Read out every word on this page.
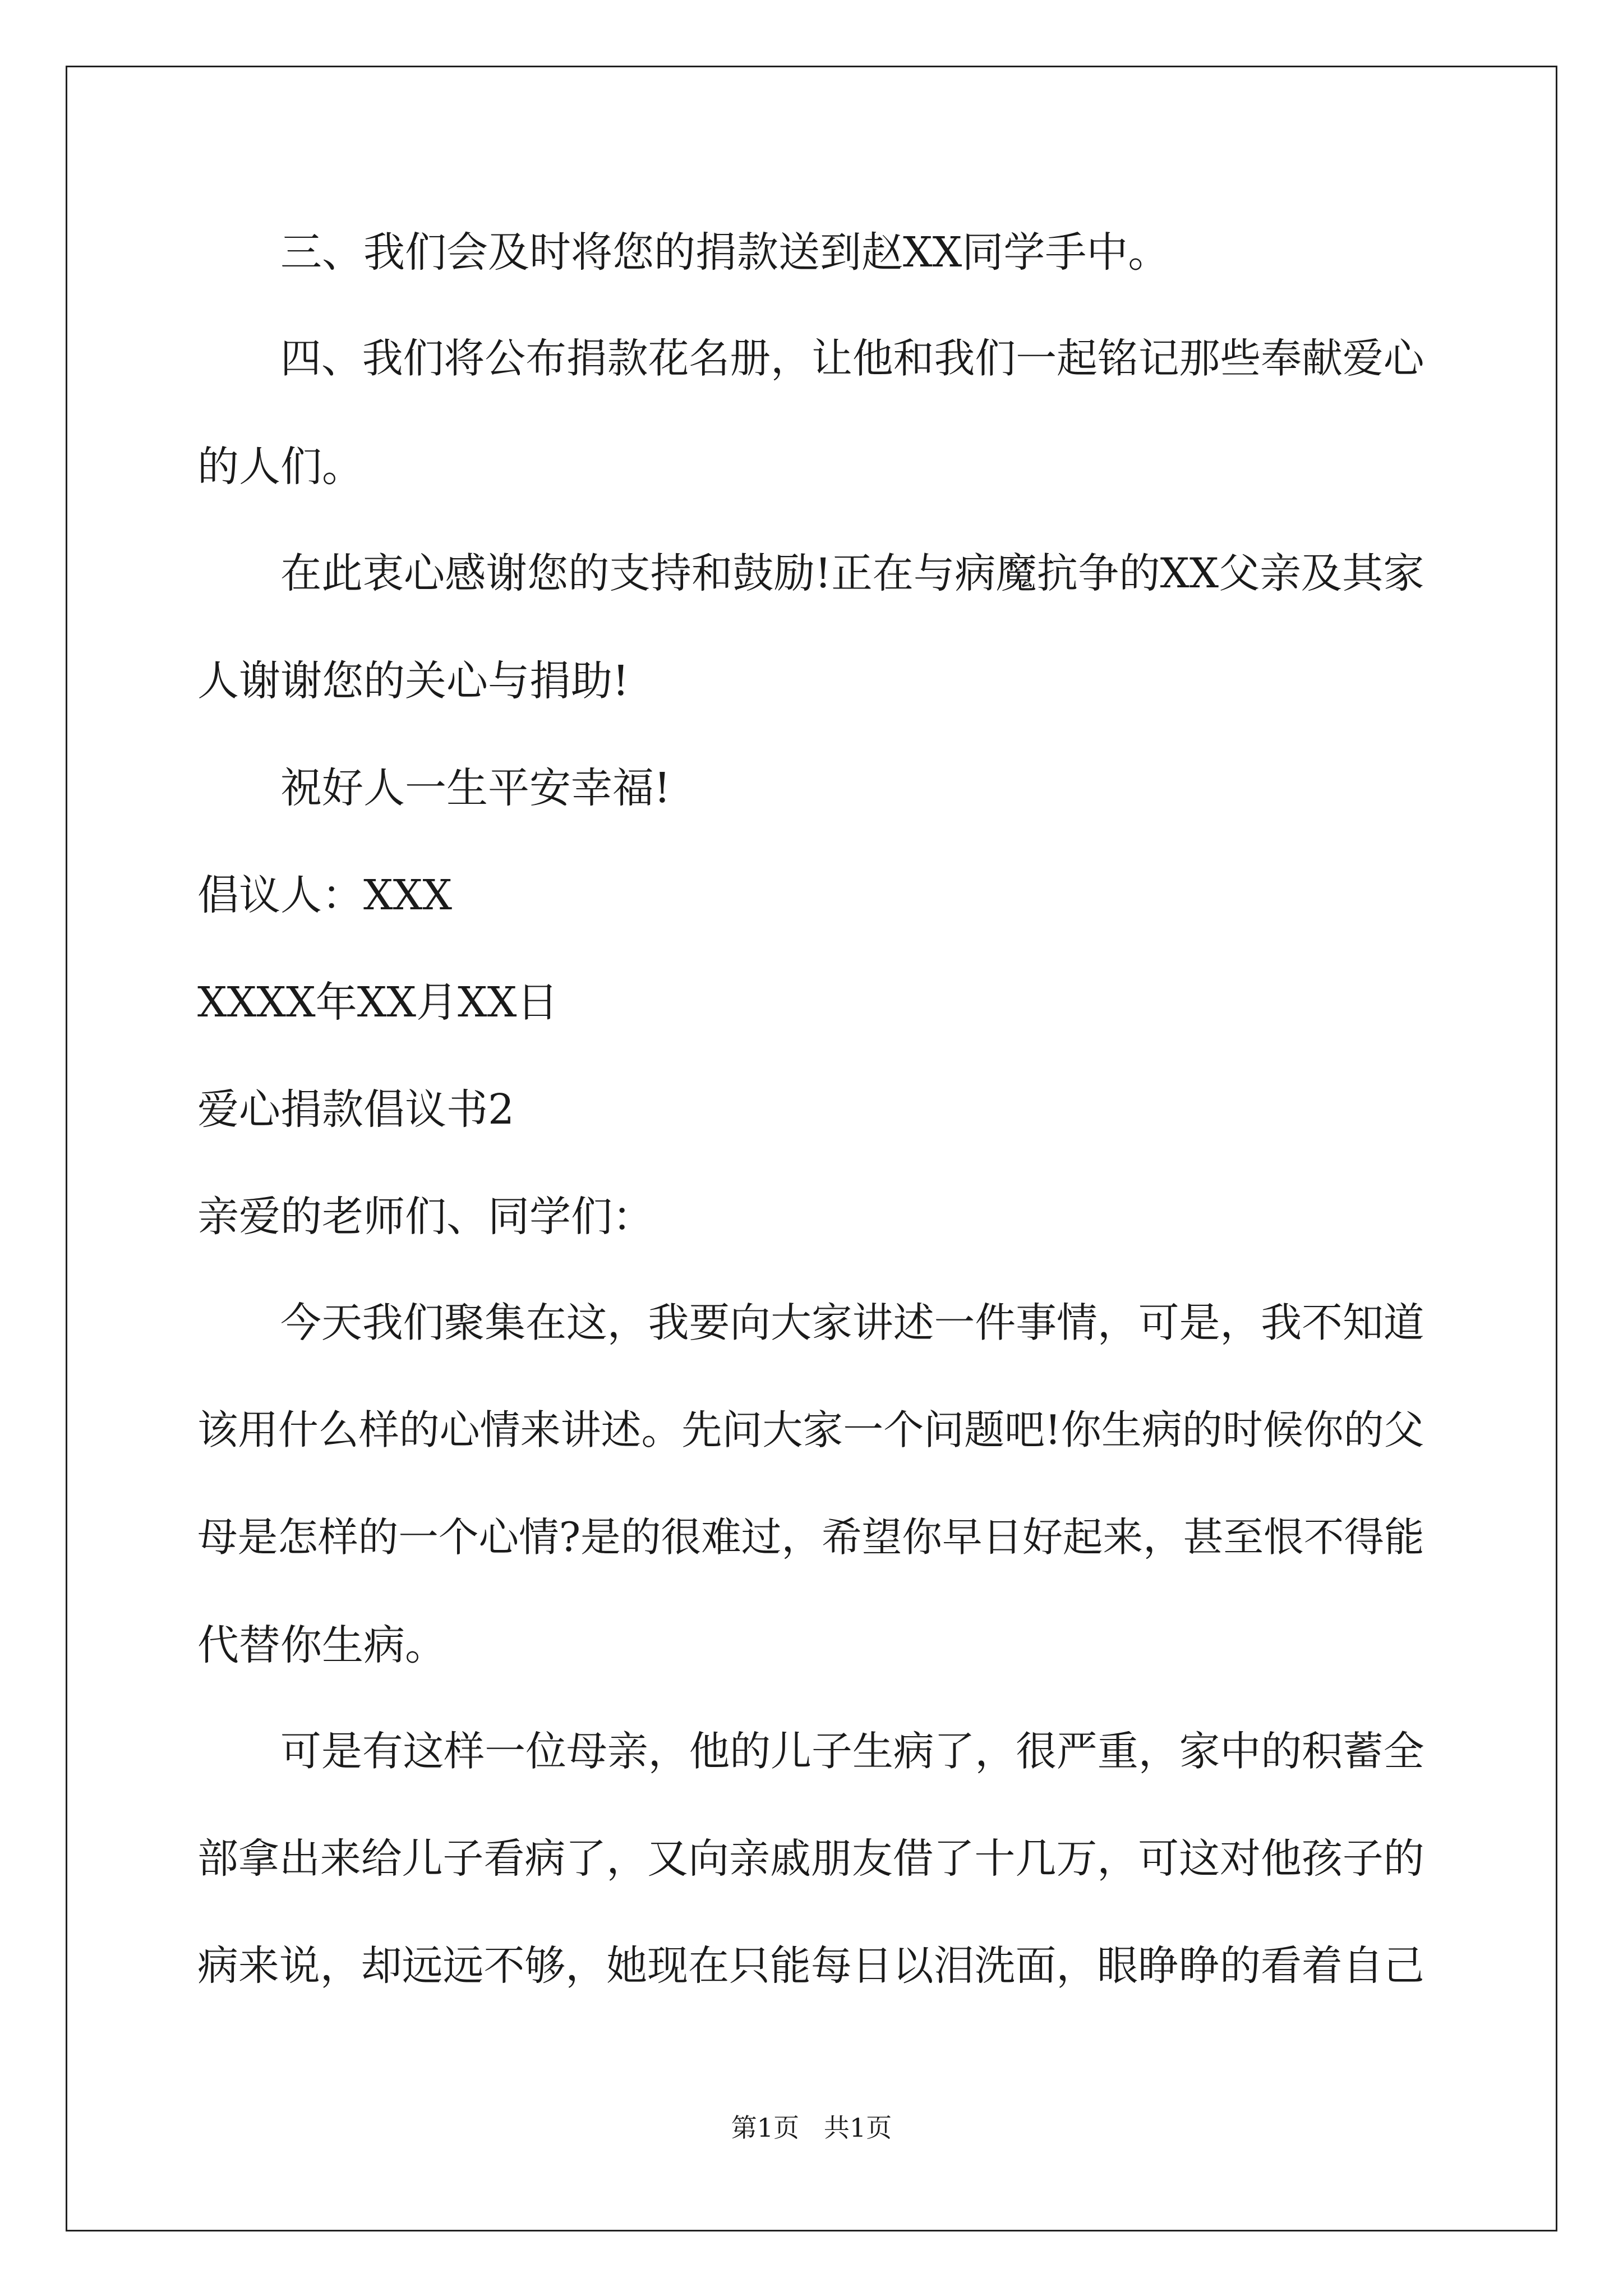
三、我们会及时将您的捐款送到赵XX同学手中。
四、我们将公布捐款花名册，让他和我们一起铭记那些奉献爱心
的人们。
在此衷心感谢您的支持和鼓励!正在与病魔抗争的XX父亲及其家
人谢谢您的关心与捐助!
祝好人一生平安幸福!
倡议人：XXX
XXXX年XX月XX日
爱心捐款倡议书2
亲爱的老师们、同学们：
今天我们聚集在这，我要向大家讲述一件事情，可是，我不知道
该用什么样的心情来讲述。先问大家一个问题吧!你生病的时候你的父
母是怎样的一个心情?是的很难过，希望你早日好起来，甚至恨不得能
代替你生病。
可是有这样一位母亲，他的儿子生病了，很严重，家中的积蓄全
部拿出来给儿子看病了，又向亲戚朋友借了十几万，可这对他孩子的
病来说，却远远不够，她现在只能每日以泪洗面，眼睁睁的看着自己
第1页   共1页
